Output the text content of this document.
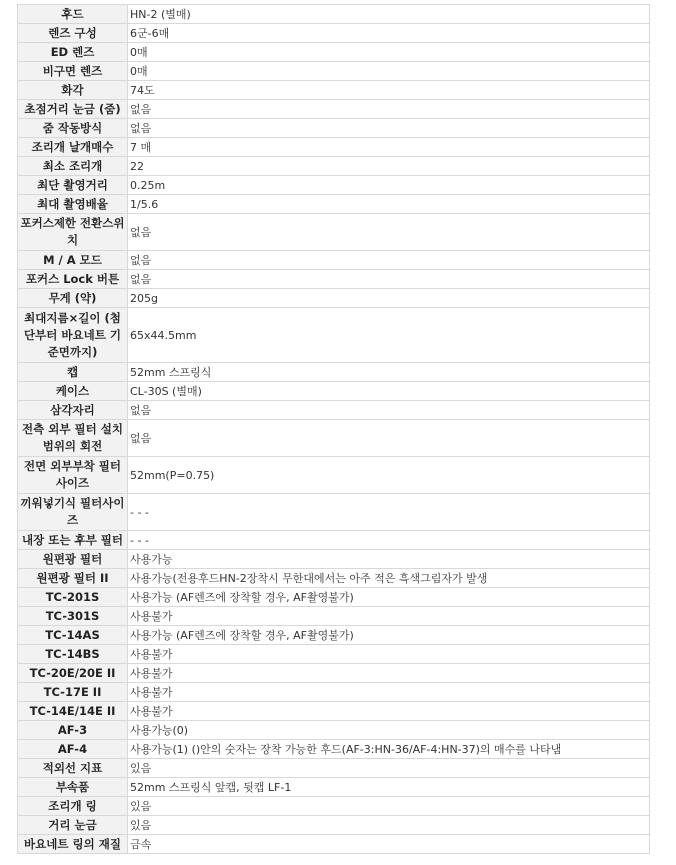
후드	HN-2 (별매)
렌즈 구성	6군-6매
ED 렌즈	0매
비구면 렌즈	0매
화각	74도
초점거리 눈금 (줌)	없음
줌 작동방식	없음
조리개 날개매수	7 매
최소 조리개	22
최단 촬영거리	0.25m
최대 촬영배율	1/5.6
포커스제한 전환스위치	없음
M / A 모드	없음
포커스 Lock 버튼	없음
무게 (약)	205g
최대지름×길이 (첨단부터 바요네트 기준면까지)	65x44.5mm
캡	52mm 스프링식
케이스	CL-30S (별매)
삼각자리	없음
전측 외부 필터 설치 범위의 회전	없음
전면 외부부착 필터 사이즈	52mm(P=0.75)
끼워넣기식 필터사이즈	- - -
내장 또는 후부 필터	- - -
원편광 필터	사용가능
원편광 필터 II	사용가능(전용후드HN-2장착시 무한대에서는 아주 적은 흑색그림자가 발생
TC-201S	사용가능 (AF렌즈에 장착할 경우, AF촬영불가)
TC-301S	사용불가
TC-14AS	사용가능 (AF렌즈에 장착할 경우, AF촬영불가)
TC-14BS	사용불가
TC-20E/20E II	사용불가
TC-17E II	사용불가
TC-14E/14E II	사용불가
AF-3	사용가능(0)
AF-4	사용가능(1) ()안의 숫자는 장착 가능한 후드(AF-3:HN-36/AF-4:HN-37)의 매수를 나타냄
적외선 지표	있음
부속품	52mm 스프링식 앞캡, 뒷캡 LF-1
조리개 링	있음
거리 눈금	있음
바요네트 링의 재질	금속
